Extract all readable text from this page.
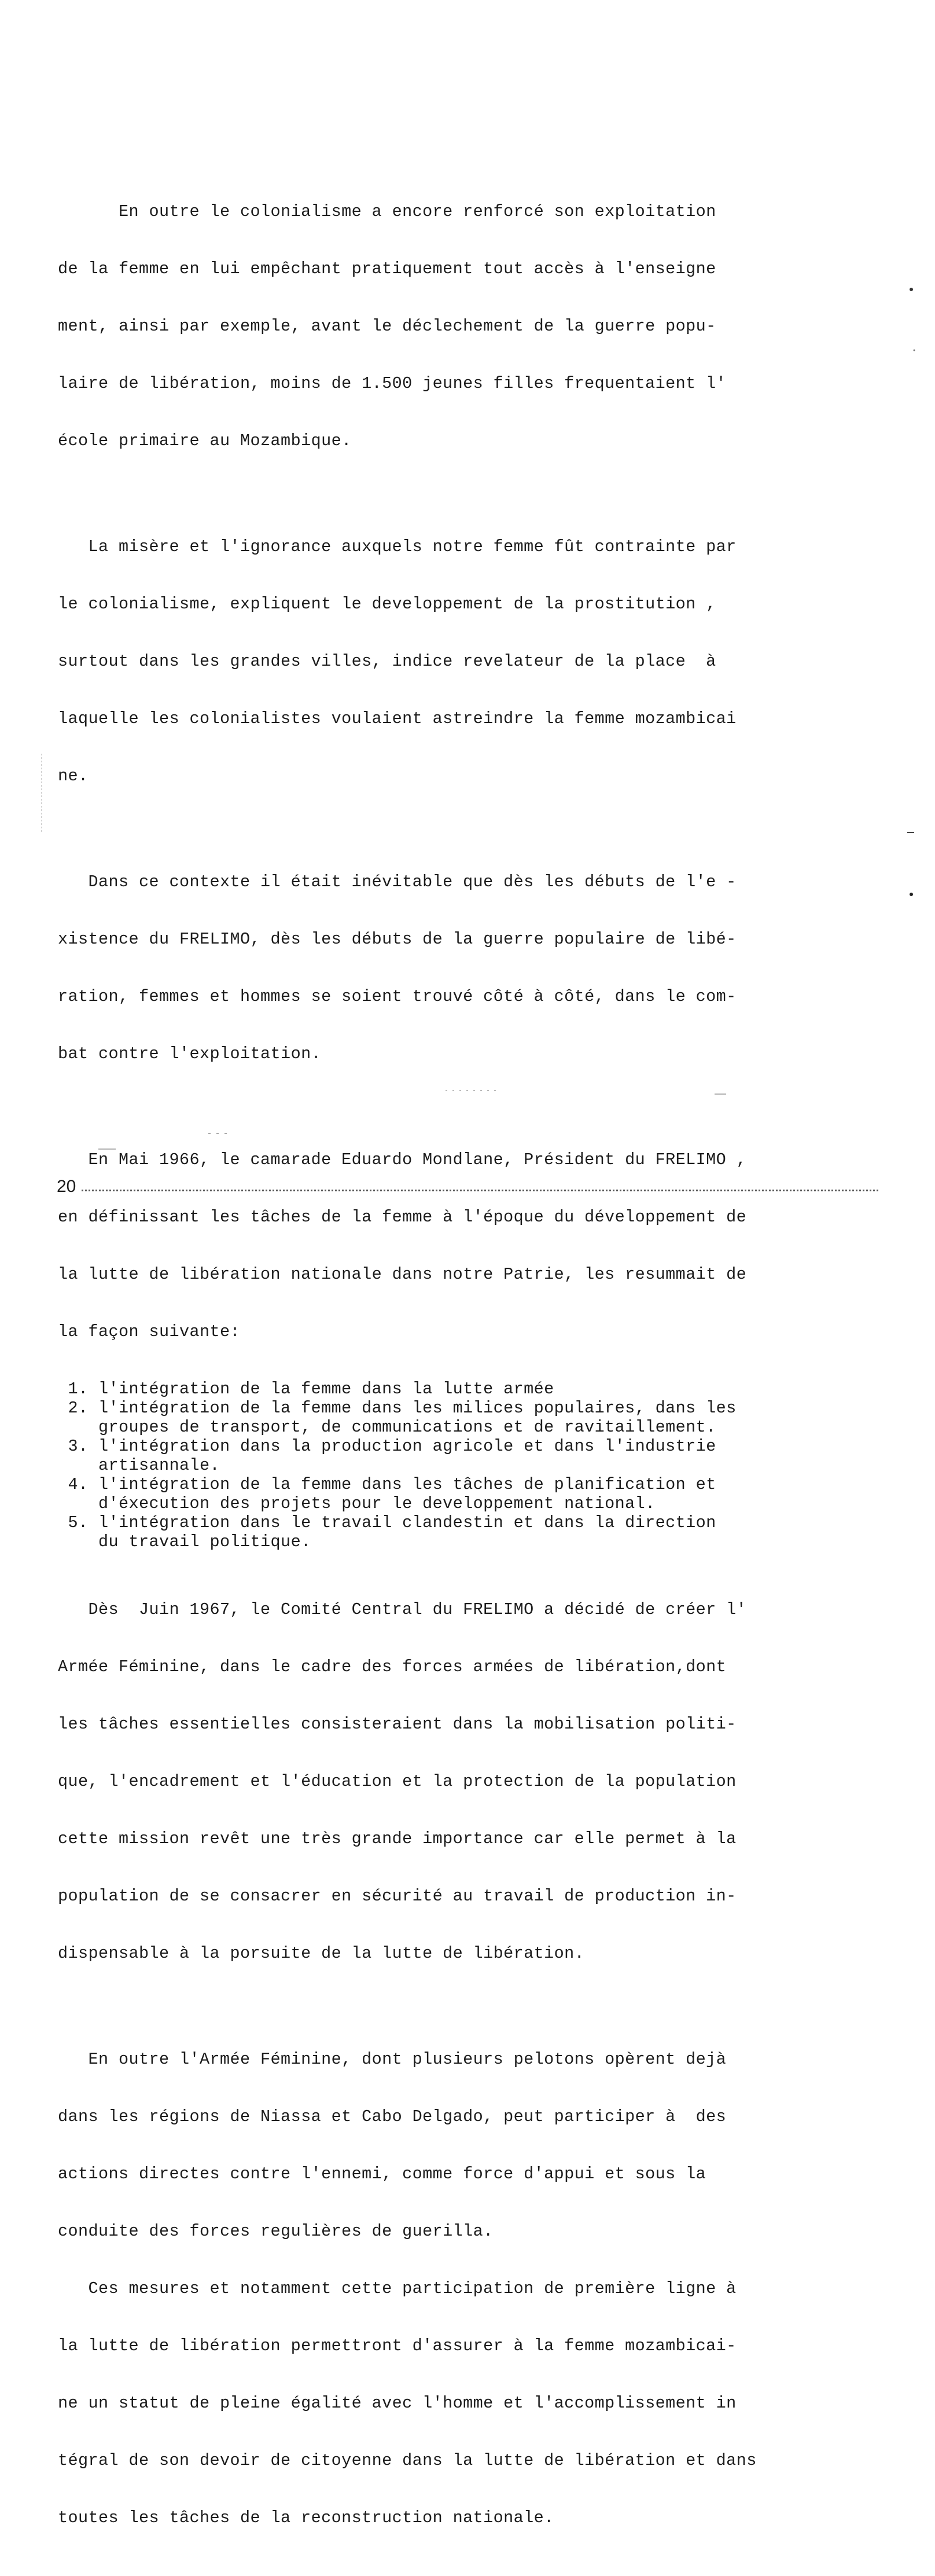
En outre le colonialisme a encore renforcé son exploitation

de la femme en lui empêchant pratiquement tout accès à l'enseigne

ment, ainsi par exemple, avant le déclechement de la guerre popu-

laire de libération, moins de 1.500 jeunes filles frequentaient l'

école primaire au Mozambique.

La misère et l'ignorance auxquels notre femme fût contrainte par

le colonialisme, expliquent le developpement de la prostitution ,

surtout dans les grandes villes, indice revelateur de la place  à

laquelle les colonialistes voulaient astreindre la femme mozambicai

ne.

Dans ce contexte il était inévitable que dès les débuts de l'e -

xistence du FRELIMO, dès les débuts de la guerre populaire de libé-

ration, femmes et hommes se soient trouvé côté à côté, dans le com-

bat contre l'exploitation.

En Mai 1966, le camarade Eduardo Mondlane, Président du FRELIMO ,

en définissant les tâches de la femme à l'époque du développement de

la lutte de libération nationale dans notre Patrie, les resummait de

la façon suivante:

1. l'intégration de la femme dans la lutte armée
2. l'intégration de la femme dans les milices populaires, dans les
groupes de transport, de communications et de ravitaillement.
3. l'intégration dans la production agricole et dans l'industrie
artisannale.
4. l'intégration de la femme dans les tâches de planification et
d'éxecution des projets pour le developpement national.
5. l'intégration dans le travail clandestin et dans la direction
du travail politique.

Dès  Juin 1967, le Comité Central du FRELIMO a décidé de créer l'

Armée Féminine, dans le cadre des forces armées de libération,dont

les tâches essentielles consisteraient dans la mobilisation politi-

que, l'encadrement et l'éducation et la protection de la population

cette mission revêt une très grande importance car elle permet à la

population de se consacrer en sécurité au travail de production in-

dispensable à la porsuite de la lutte de libération.

En outre l'Armée Féminine, dont plusieurs pelotons opèrent dejà

dans les régions de Niassa et Cabo Delgado, peut participer à  des

actions directes contre l'ennemi, comme force d'appui et sous la

conduite des forces regulières de guerilla.

Ces mesures et notamment cette participation de première ligne à

la lutte de libération permettront d'assurer à la femme mozambicai-

ne un statut de pleine égalité avec l'homme et l'accomplissement in

tégral de son devoir de citoyenne dans la lutte de libération et dans

toutes les tâches de la reconstruction nationale.

20
